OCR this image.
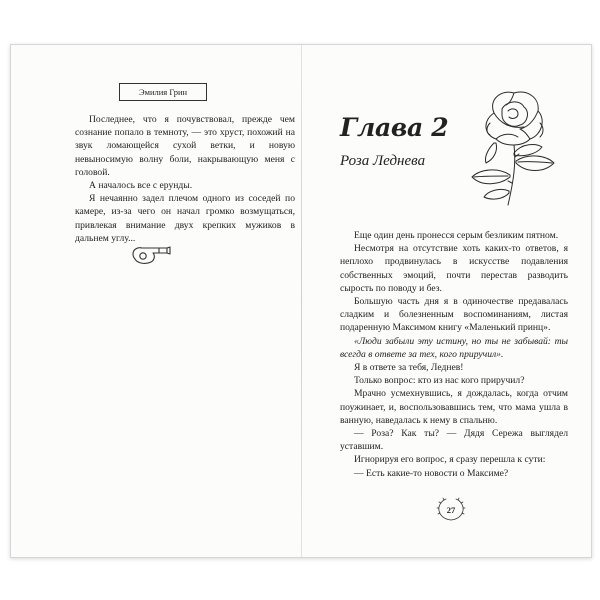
Эмилия Грин

Последнее, что я почувствовал, прежде чем сознание попало в темноту, — это хруст, похожий на звук ломающейся сухой ветки, и новую невыносимую волну боли, накрывающую меня с головой.

А началось все с ерунды.

Я нечаянно задел плечом одного из соседей по камере, из-за чего он начал громко возмущаться, привлекая внимание двух крепких мужиков в дальнем углу...

Глава 2
Роза Леднева

Еще один день пронесся серым безликим пятном.

Несмотря на отсутствие хоть каких-то ответов, я неплохо продвинулась в искусстве подавления собственных эмоций, почти перестав разводить сырость по поводу и без.

Большую часть дня я в одиночестве предавалась сладким и болезненным воспоминаниям, листая подаренную Максимом книгу «Маленький принц».

«Люди забыли эту истину, но ты не забывай: ты всегда в ответе за тех, кого приручил».

Я в ответе за тебя, Леднев!

Только вопрос: кто из нас кого приручил?

Мрачно усмехнувшись, я дождалась, когда отчим поужинает, и, воспользовавшись тем, что мама ушла в ванную, наведалась к нему в спальню.

— Роза? Как ты? — Дядя Сережа выглядел уставшим.

Игнорируя его вопрос, я сразу перешла к сути:

— Есть какие-то новости о Максиме?

27
